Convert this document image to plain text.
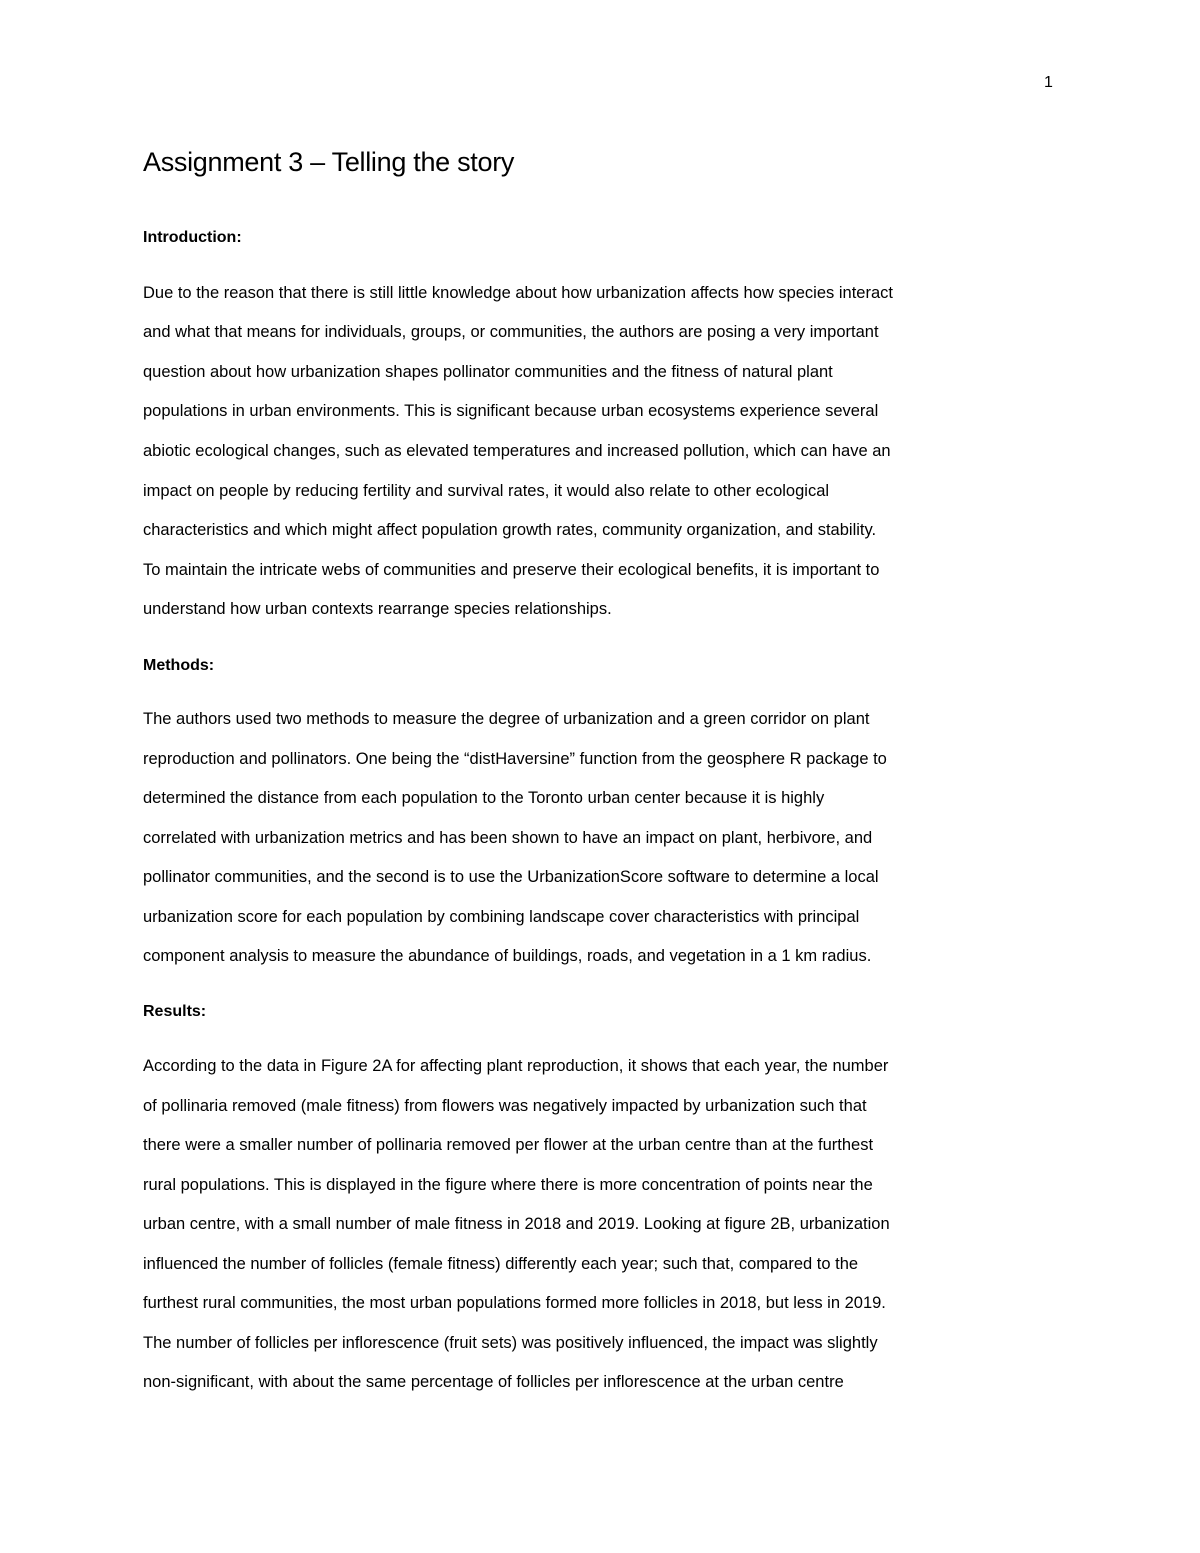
1
Assignment 3 – Telling the story
Introduction:
Due to the reason that there is still little knowledge about how urbanization affects how species interact
and what that means for individuals, groups, or communities, the authors are posing a very important
question about how urbanization shapes pollinator communities and the fitness of natural plant
populations in urban environments. This is significant because urban ecosystems experience several
abiotic ecological changes, such as elevated temperatures and increased pollution, which can have an
impact on people by reducing fertility and survival rates, it would also relate to other ecological
characteristics and which might affect population growth rates, community organization, and stability.
To maintain the intricate webs of communities and preserve their ecological benefits, it is important to
understand how urban contexts rearrange species relationships.
Methods:
The authors used two methods to measure the degree of urbanization and a green corridor on plant
reproduction and pollinators. One being the “distHaversine” function from the geosphere R package to
determined the distance from each population to the Toronto urban center because it is highly
correlated with urbanization metrics and has been shown to have an impact on plant, herbivore, and
pollinator communities, and the second is to use the UrbanizationScore software to determine a local
urbanization score for each population by combining landscape cover characteristics with principal
component analysis to measure the abundance of buildings, roads, and vegetation in a 1 km radius.
Results:
According to the data in Figure 2A for affecting plant reproduction, it shows that each year, the number
of pollinaria removed (male fitness) from flowers was negatively impacted by urbanization such that
there were a smaller number of pollinaria removed per flower at the urban centre than at the furthest
rural populations. This is displayed in the figure where there is more concentration of points near the
urban centre, with a small number of male fitness in 2018 and 2019. Looking at figure 2B, urbanization
influenced the number of follicles (female fitness) differently each year; such that, compared to the
furthest rural communities, the most urban populations formed more follicles in 2018, but less in 2019.
The number of follicles per inflorescence (fruit sets) was positively influenced, the impact was slightly
non-significant, with about the same percentage of follicles per inflorescence at the urban centre
